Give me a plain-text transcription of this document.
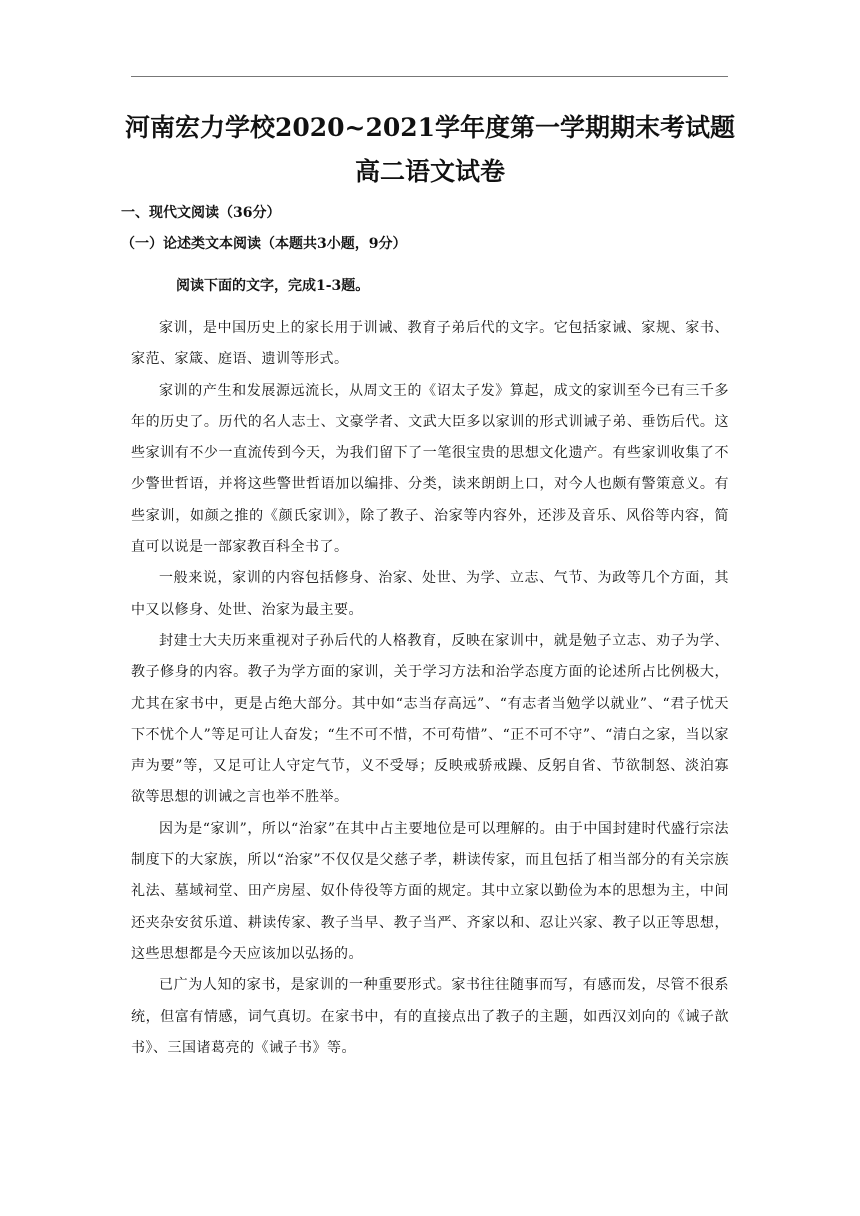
河南宏力学校2020~2021学年度第一学期期末考试题
高二语文试卷
一、现代文阅读（36分）
（一）论述类文本阅读（本题共3小题，9分）
阅读下面的文字，完成1-3题。

家训，是中国历史上的家长用于训诫、教育子弟后代的文字。它包括家诫、家规、家书、家范、家箴、庭语、遗训等形式。

家训的产生和发展源远流长，从周文王的《诏太子发》算起，成文的家训至今已有三千多年的历史了。历代的名人志士、文豪学者、文武大臣多以家训的形式训诫子弟、垂饬后代。这些家训有不少一直流传到今天，为我们留下了一笔很宝贵的思想文化遗产。有些家训收集了不少警世哲语，并将这些警世哲语加以编排、分类，读来朗朗上口，对今人也颇有警策意义。有些家训，如颜之推的《颜氏家训》，除了教子、治家等内容外，还涉及音乐、风俗等内容，简直可以说是一部家教百科全书了。

一般来说，家训的内容包括修身、治家、处世、为学、立志、气节、为政等几个方面，其中又以修身、处世、治家为最主要。

封建士大夫历来重视对子孙后代的人格教育，反映在家训中，就是勉子立志、劝子为学、教子修身的内容。教子为学方面的家训，关于学习方法和治学态度方面的论述所占比例极大，尤其在家书中，更是占绝大部分。其中如“志当存高远”、“有志者当勉学以就业”、“君子忧天下不忧个人”等足可让人奋发；“生不可不惜，不可苟惜”、“正不可不守”、“清白之家，当以家声为要”等，又足可让人守定气节，义不受辱；反映戒骄戒躁、反躬自省、节欲制怒、淡泊寡欲等思想的训诫之言也举不胜举。

因为是“家训”，所以“治家”在其中占主要地位是可以理解的。由于中国封建时代盛行宗法制度下的大家族，所以“治家”不仅仅是父慈子孝，耕读传家，而且包括了相当部分的有关宗族礼法、墓域祠堂、田产房屋、奴仆侍役等方面的规定。其中立家以勤俭为本的思想为主，中间还夹杂安贫乐道、耕读传家、教子当早、教子当严、齐家以和、忍让兴家、教子以正等思想，这些思想都是今天应该加以弘扬的。

已广为人知的家书，是家训的一种重要形式。家书往往随事而写，有感而发，尽管不很系统，但富有情感，词气真切。在家书中，有的直接点出了教子的主题，如西汉刘向的《诫子歆书》、三国诸葛亮的《诫子书》等。
